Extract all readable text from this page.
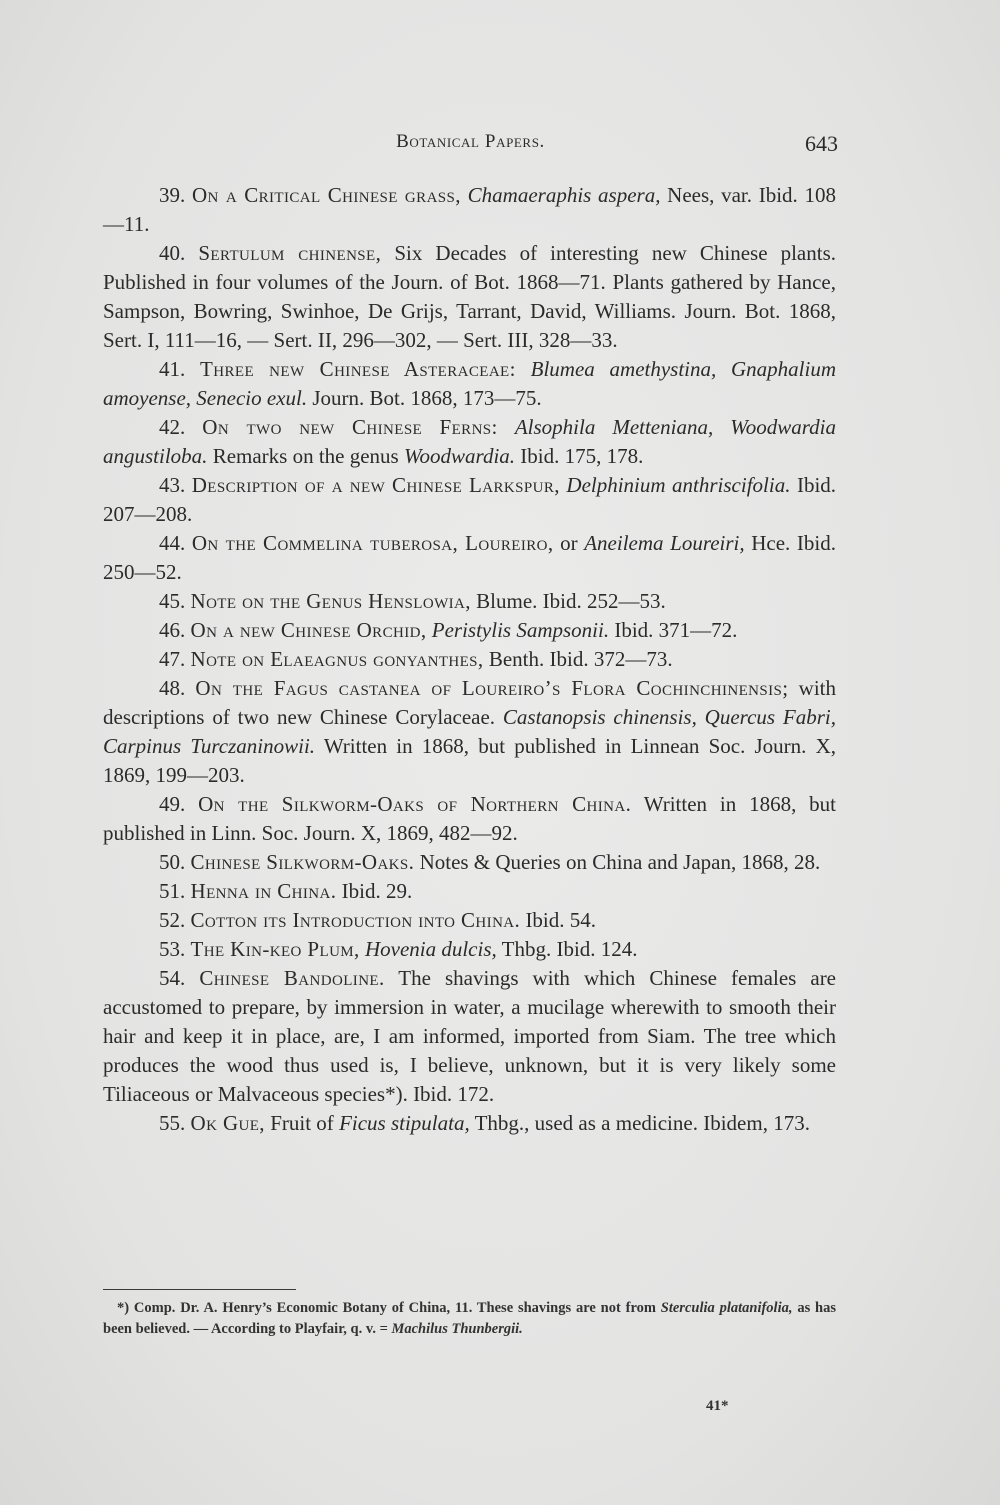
Botanical Papers.	643

39. On a Critical Chinese grass, Chamaeraphis aspera, Nees, var. Ibid. 108—11.

40. Sertulum chinense, Six Decades of interesting new Chinese plants. Published in four volumes of the Journ. of Bot. 1868—71. Plants gathered by Hance, Sampson, Bowring, Swinhoe, De Grijs, Tarrant, David, Williams. Journ. Bot. 1868, Sert. I, 111—16, — Sert. II, 296—302, — Sert. III, 328—33.

41. Three new Chinese Asteraceae: Blumea amethystina, Gnaphalium amoyense, Senecio exul. Journ. Bot. 1868, 173—75.

42. On two new Chinese Ferns: Alsophila Metteniana, Woodwardia angustiloba. Remarks on the genus Woodwardia. Ibid. 175, 178.

43. Description of a new Chinese Larkspur, Delphinium anthriscifolia. Ibid. 207—208.

44. On the Commelina tuberosa, Loureiro, or Aneilema Loureiri, Hce. Ibid. 250—52.

45. Note on the Genus Henslowia, Blume. Ibid. 252—53.

46. On a new Chinese Orchid, Peristylis Sampsonii. Ibid. 371—72.

47. Note on Elaeagnus gonyanthes, Benth. Ibid. 372—73.

48. On the Fagus castanea of Loureiro’s Flora Cochinchinensis; with descriptions of two new Chinese Corylaceae. Castanopsis chinensis, Quercus Fabri, Carpinus Turczaninowii. Written in 1868, but published in Linnean Soc. Journ. X, 1869, 199—203.

49. On the Silkworm-Oaks of Northern China. Written in 1868, but published in Linn. Soc. Journ. X, 1869, 482—92.

50. Chinese Silkworm-Oaks. Notes & Queries on China and Japan, 1868, 28.

51. Henna in China. Ibid. 29.

52. Cotton its Introduction into China. Ibid. 54.

53. The Kin-keo Plum, Hovenia dulcis, Thbg. Ibid. 124.

54. Chinese Bandoline. The shavings with which Chinese females are accustomed to prepare, by immersion in water, a mucilage wherewith to smooth their hair and keep it in place, are, I am informed, imported from Siam. The tree which produces the wood thus used is, I believe, unknown, but it is very likely some Tiliaceous or Malvaceous species*). Ibid. 172.

55. Ok Gue, Fruit of Ficus stipulata, Thbg., used as a medicine. Ibidem, 173.

*) Comp. Dr. A. Henry’s Economic Botany of China, 11. These shavings are not from Sterculia platanifolia, as has been believed. — According to Playfair, q. v. = Machilus Thunbergii.

41*
